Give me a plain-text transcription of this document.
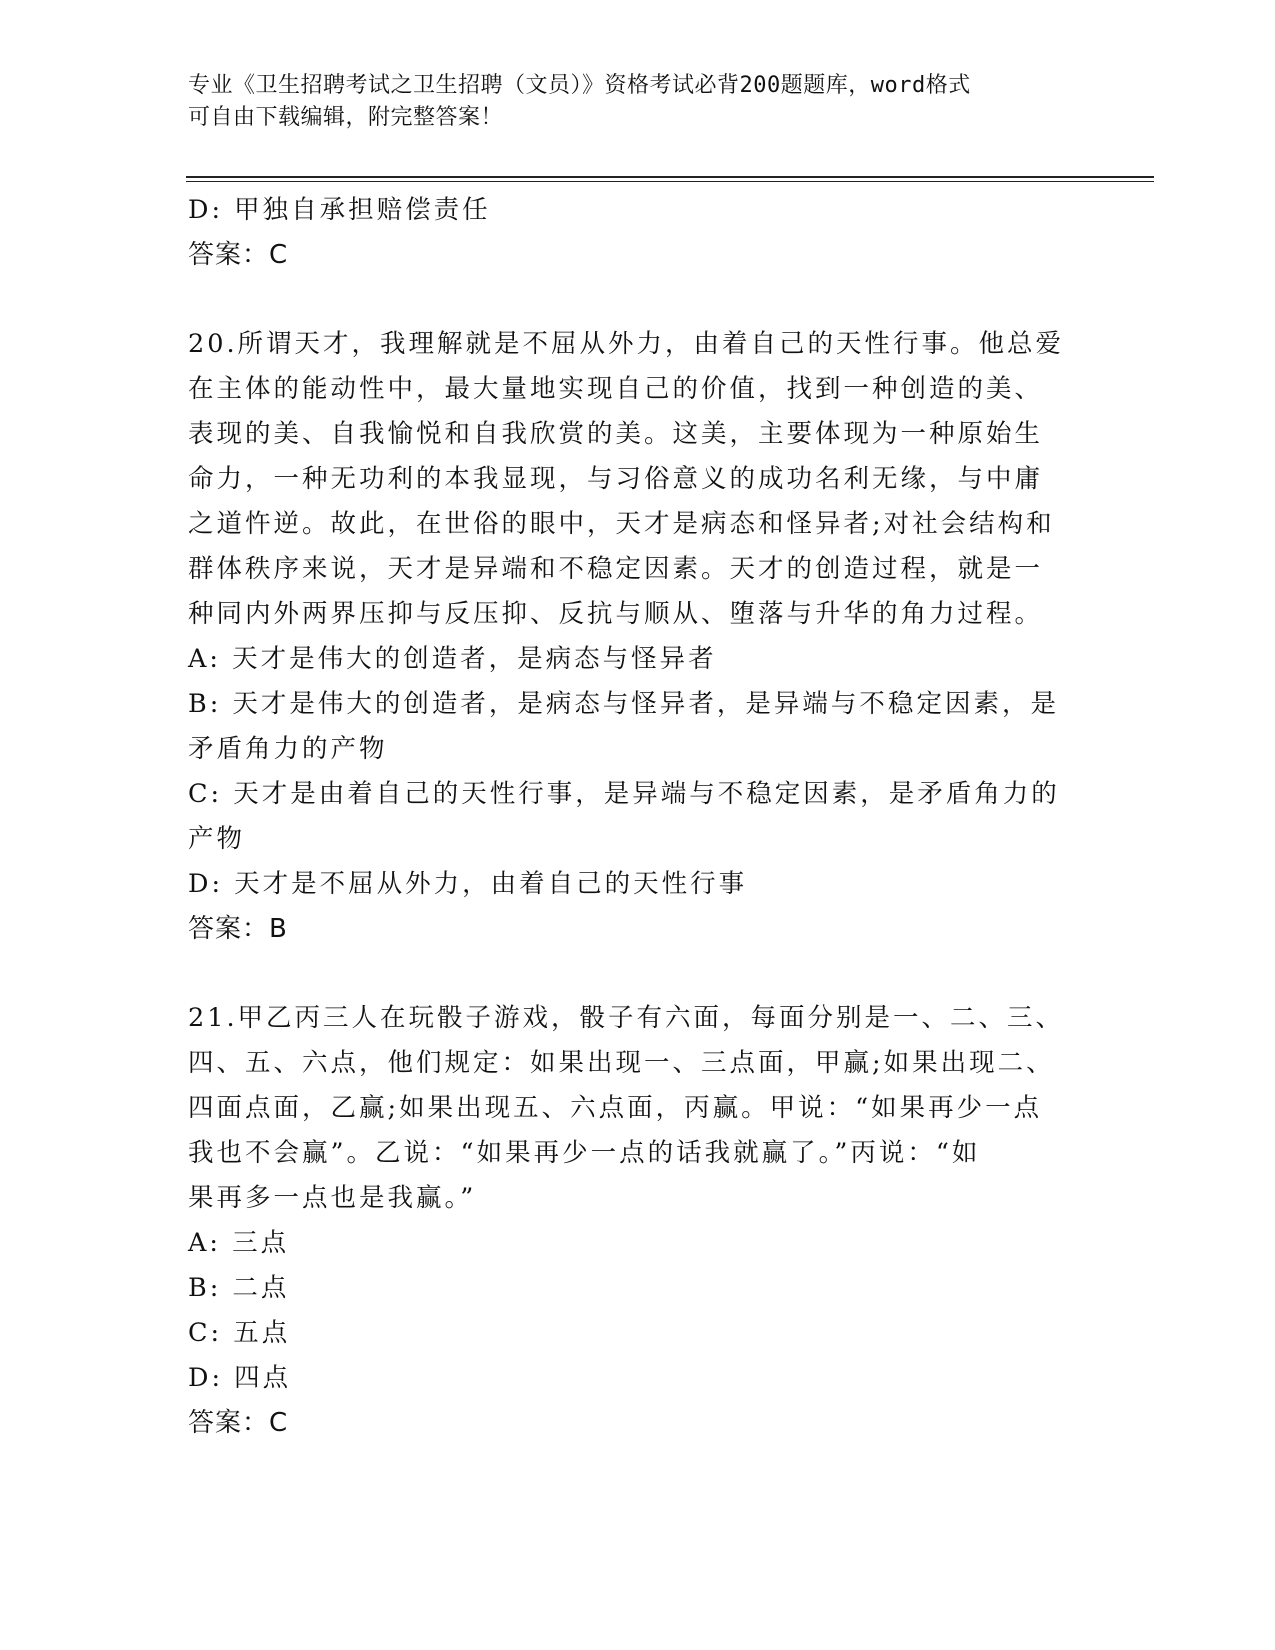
专业《卫生招聘考试之卫生招聘（文员）》资格考试必背200题题库，word格式
可自由下载编辑，附完整答案！
D: 甲独自承担赔偿责任
答案：C
20.所谓天才，我理解就是不屈从外力，由着自己的天性行事。他总爱
在主体的能动性中，最大量地实现自己的价值，找到一种创造的美、
表现的美、自我愉悦和自我欣赏的美。这美，主要体现为一种原始生
命力，一种无功利的本我显现，与习俗意义的成功名利无缘，与中庸
之道忤逆。故此，在世俗的眼中，天才是病态和怪异者;对社会结构和
群体秩序来说，天才是异端和不稳定因素。天才的创造过程，就是一
种同内外两界压抑与反压抑、反抗与顺从、堕落与升华的角力过程。
A: 天才是伟大的创造者，是病态与怪异者
B: 天才是伟大的创造者，是病态与怪异者，是异端与不稳定因素，是
矛盾角力的产物
C: 天才是由着自己的天性行事，是异端与不稳定因素，是矛盾角力的
产物
D: 天才是不屈从外力，由着自己的天性行事
答案：B
21.甲乙丙三人在玩骰子游戏，骰子有六面，每面分别是一、二、三、
四、五、六点，他们规定：如果出现一、三点面，甲赢;如果出现二、
四面点面，乙赢;如果出现五、六点面，丙赢。甲说：“如果再少一点
我也不会赢”。乙说：“如果再少一点的话我就赢了。”丙说：“如
果再多一点也是我赢。”
A: 三点
B: 二点
C: 五点
D: 四点
答案：C
